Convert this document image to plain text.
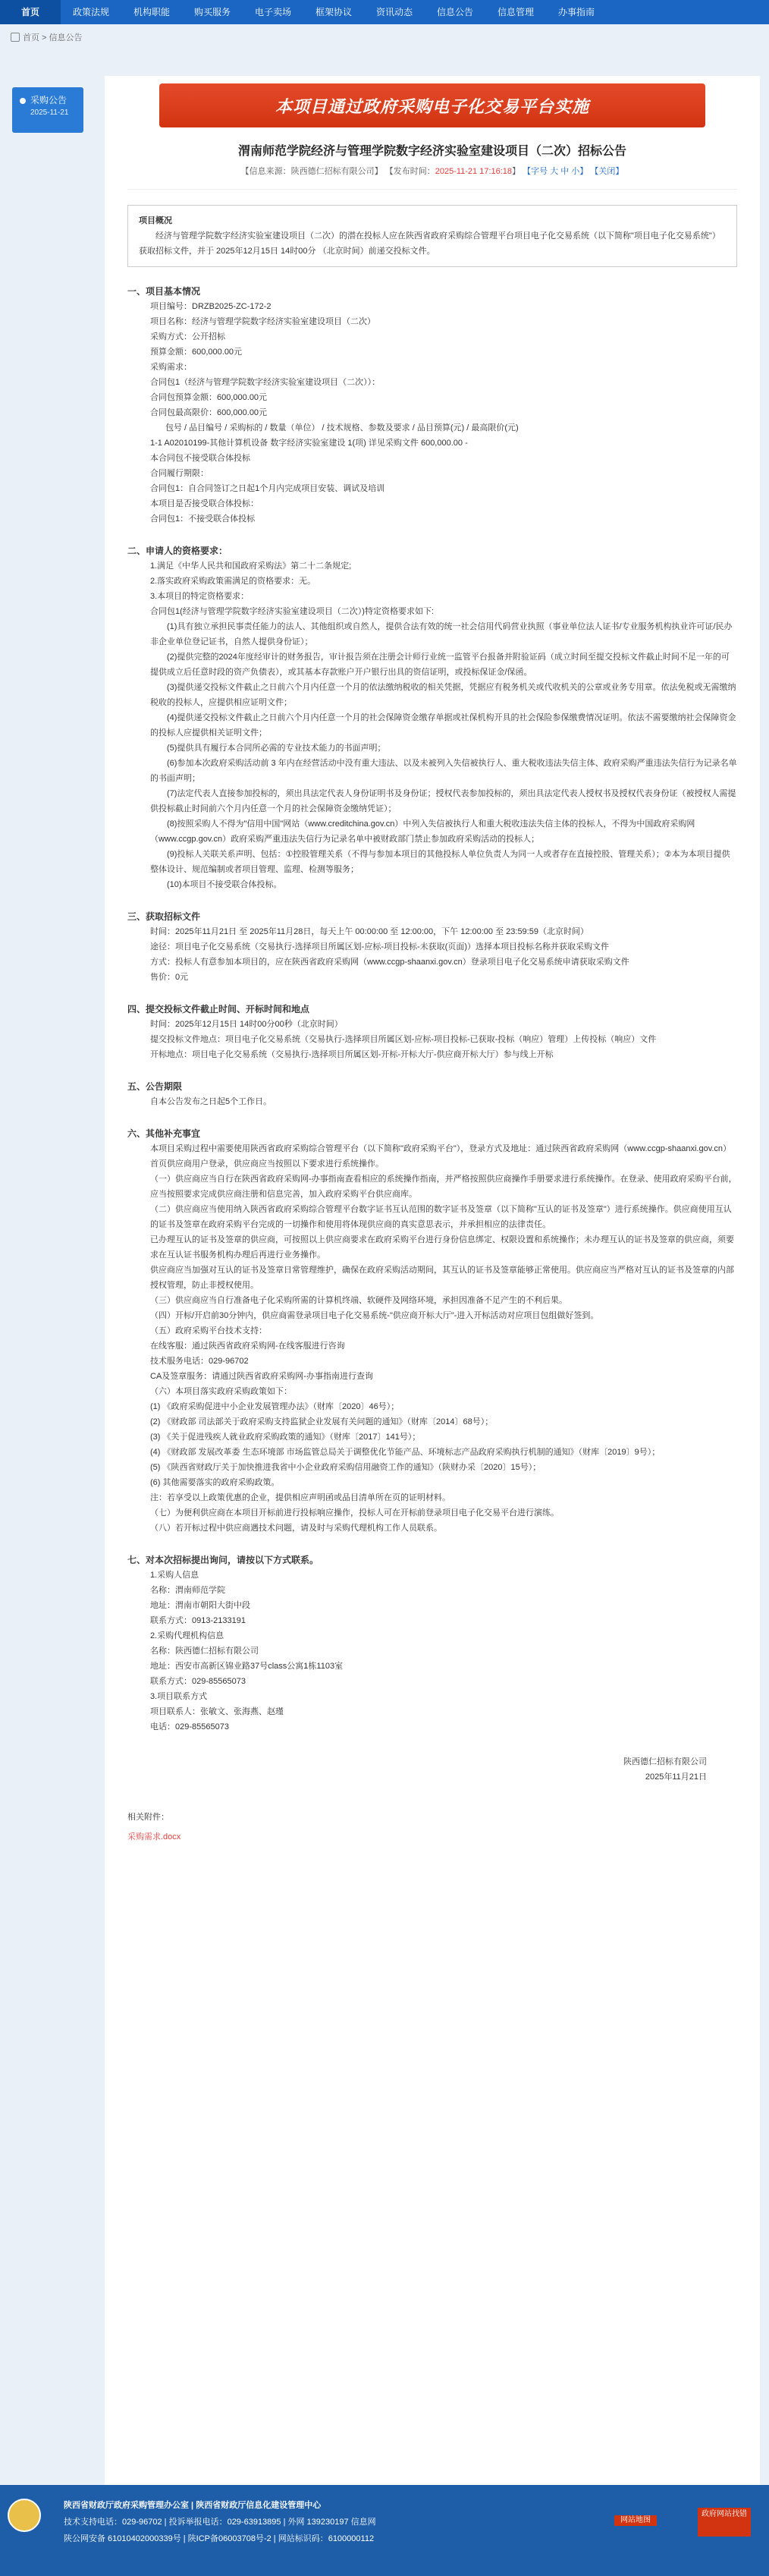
首页	政策法规	机构职能	购买服务	电子卖场	框架协议	资讯动态	信息公告	信息管理	办事指南
首页 > 信息公告
采购公告
2025-11-21	本项目通过政府采购电子化交易平台实施
渭南师范学院经济与管理学院数字经济实验室建设项目（二次）招标公告
【信息来源：陕西德仁招标有限公司】 【发布时间：2025-11-21 17:16:18】 【字号 大 中 小】 【关闭】
项目概况
经济与管理学院数字经济实验室建设项目（二次）的潜在投标人应在陕西省政府采购综合管理平台项目电子化交易系统（以下简称"项目电子化交易系统"）获取招标文件，并于 2025年12月15日 14时00分 （北京时间）前递交投标文件。
一、项目基本情况
项目编号：DRZB2025-ZC-172-2
项目名称：经济与管理学院数字经济实验室建设项目（二次）
采购方式：公开招标
预算金额：600,000.00元
采购需求：
合同包1（经济与管理学院数字经济实验室建设项目（二次））：
合同包预算金额：600,000.00元
合同包最高限价：600,000.00元
包号 / 品目编号 / 采购标的 / 数量（单位） / 技术规格、参数及要求 / 品目预算(元) / 最高限价(元)
1-1 A02010199-其他计算机设备 数字经济实验室建设 1(项) 详见采购文件 600,000.00 -
本合同包不接受联合体投标
合同履行期限：
合同包1：自合同签订之日起1个月内完成项目安装、调试及培训
本项目是否接受联合体投标：
合同包1：不接受联合体投标
二、申请人的资格要求：
1.满足《中华人民共和国政府采购法》第二十二条规定;
2.落实政府采购政策需满足的资格要求：无。
3.本项目的特定资格要求：
合同包1(经济与管理学院数字经济实验室建设项目（二次）)特定资格要求如下:
(1)具有独立承担民事责任能力的法人、其他组织或自然人，提供合法有效的统一社会信用代码营业执照（事业单位法人证书/专业服务机构执业许可证/民办非企业单位登记证书，自然人提供身份证）；
(2)提供完整的2024年度经审计的财务报告，审计报告须在注册会计师行业统一监管平台报备并附验证码（成立时间至提交投标文件截止时间不足一年的可提供成立后任意时段的资产负债表），或其基本存款账户开户银行出具的资信证明，或投标保证金/保函。
(3)提供递交投标文件截止之日前六个月内任意一个月的依法缴纳税收的相关凭据，凭据应有税务机关或代收机关的公章或业务专用章。依法免税或无需缴纳税收的投标人，应提供相应证明文件；
(4)提供递交投标文件截止之日前六个月内任意一个月的社会保障资金缴存单据或社保机构开具的社会保险参保缴费情况证明。依法不需要缴纳社会保障资金的投标人应提供相关证明文件；
(5)提供具有履行本合同所必需的专业技术能力的书面声明；
(6)参加本次政府采购活动前 3 年内在经营活动中没有重大违法、以及未被列入失信被执行人、重大税收违法失信主体、政府采购严重违法失信行为记录名单的书面声明；
(7)法定代表人直接参加投标的，须出具法定代表人身份证明书及身份证；授权代表参加投标的，须出具法定代表人授权书及授权代表身份证（被授权人需提供投标截止时间前六个月内任意一个月的社会保障资金缴纳凭证）；
(8)按照采购人不得为"信用中国"网站（www.creditchina.gov.cn）中列入失信被执行人和重大税收违法失信主体的投标人，不得为中国政府采购网（www.ccgp.gov.cn）政府采购严重违法失信行为记录名单中被财政部门禁止参加政府采购活动的投标人；
(9)投标人关联关系声明、包括：①控股管理关系（不得与参加本项目的其他投标人单位负责人为同一人或者存在直接控股、管理关系）；②本为本项目提供整体设计、规范编制或者项目管理、监理、检测等服务；
(10)本项目不接受联合体投标。
三、获取招标文件
时间：2025年11月21日 至 2025年11月28日，每天上午 00:00:00 至 12:00:00，下午 12:00:00 至 23:59:59（北京时间）
途径：项目电子化交易系统（交易执行-选择项目所属区划-应标-项目投标-未获取(页面)）选择本项目投标名称并获取采购文件
方式：投标人有意参加本项目的，应在陕西省政府采购网（www.ccgp-shaanxi.gov.cn）登录项目电子化交易系统申请获取采购文件
售价：0元
四、提交投标文件截止时间、开标时间和地点
时间：2025年12月15日 14时00分00秒（北京时间）
提交投标文件地点：项目电子化交易系统（交易执行-选择项目所属区划-应标-项目投标-已获取-投标（响应）管理）上传投标（响应）文件
开标地点：项目电子化交易系统（交易执行-选择项目所属区划-开标-开标大厅-供应商开标大厅）参与线上开标
五、公告期限
自本公告发布之日起5个工作日。
六、其他补充事宜
本项目采购过程中需要使用陕西省政府采购综合管理平台（以下简称"政府采购平台"），登录方式及地址：通过陕西省政府采购网（www.ccgp-shaanxi.gov.cn）首页供应商用户登录，供应商应当按照以下要求进行系统操作。
（一）供应商应当自行在陕西省政府采购网-办事指南查看相应的系统操作指南，并严格按照供应商操作手册要求进行系统操作。在登录、使用政府采购平台前，应当按照要求完成供应商注册和信息完善，加入政府采购平台供应商库。
（二）供应商应当使用纳入陕西省政府采购综合管理平台数字证书互认范围的数字证书及签章（以下简称"互认的证书及签章"）进行系统操作。供应商使用互认的证书及签章在政府采购平台完成的一切操作和使用将体现供应商的真实意思表示，并承担相应的法律责任。
已办理互认的证书及签章的供应商，可按照以上供应商要求在政府采购平台进行身份信息绑定、权限设置和系统操作；未办理互认的证书及签章的供应商，须要求在互认证书服务机构办理后再进行业务操作。
供应商应当加强对互认的证书及签章日常管理维护，确保在政府采购活动期间，其互认的证书及签章能够正常使用。供应商应当严格对互认的证书及签章的内部授权管理，防止非授权使用。
（三）供应商应当自行准备电子化采购所需的计算机终端、软硬件及网络环境，承担因准备不足产生的不利后果。
（四）开标/开启前30分钟内，供应商需登录项目电子化交易系统-"供应商开标大厅"-进入开标活动对应项目包组做好签到。
（五）政府采购平台技术支持：
在线客服：通过陕西省政府采购网-在线客服进行咨询
技术服务电话：029-96702
CA及签章服务：请通过陕西省政府采购网-办事指南进行查询
（六）本项目落实政府采购政策如下：
(1) 《政府采购促进中小企业发展管理办法》（财库〔2020〕46号）；
(2) 《财政部 司法部关于政府采购支持监狱企业发展有关问题的通知》（财库〔2014〕68号）；
(3) 《关于促进残疾人就业政府采购政策的通知》（财库〔2017〕141号）；
(4) 《财政部 发展改革委 生态环境部 市场监管总局关于调整优化节能产品、环境标志产品政府采购执行机制的通知》（财库〔2019〕9号）；
(5) 《陕西省财政厅关于加快推进我省中小企业政府采购信用融资工作的通知》（陕财办采〔2020〕15号）；
(6) 其他需要落实的政府采购政策。
注：若享受以上政策优惠的企业，提供相应声明函或品目清单所在页的证明材料。
（七）为便利供应商在本项目开标前进行投标响应操作，投标人可在开标前登录项目电子化交易平台进行演练。
（八）若开标过程中供应商遇技术问题，请及时与采购代理机构工作人员联系。
七、对本次招标提出询问，请按以下方式联系。
1.采购人信息
名称：渭南师范学院
地址：渭南市朝阳大街中段
联系方式：0913-2133191
2.采购代理机构信息
名称：陕西德仁招标有限公司
地址：西安市高新区锦业路37号class公寓1栋1103室
联系方式：029-85565073
3.项目联系方式
项目联系人：张敏文、张海燕、赵瑾
电话：029-85565073
陕西德仁招标有限公司
2025年11月21日
相关附件：
采购需求.docx
陕西省财政厅政府采购管理办公室 | 陕西省财政厅信息化建设管理中心
技术支持电话：029-96702 | 投诉举报电话：029-63913895 | 外网 139230197 信息网
陕公网安备 61010402000339号 | 陕ICP备06003708号-2 | 网站标识码：6100000112
网站地图
政府网站找错
